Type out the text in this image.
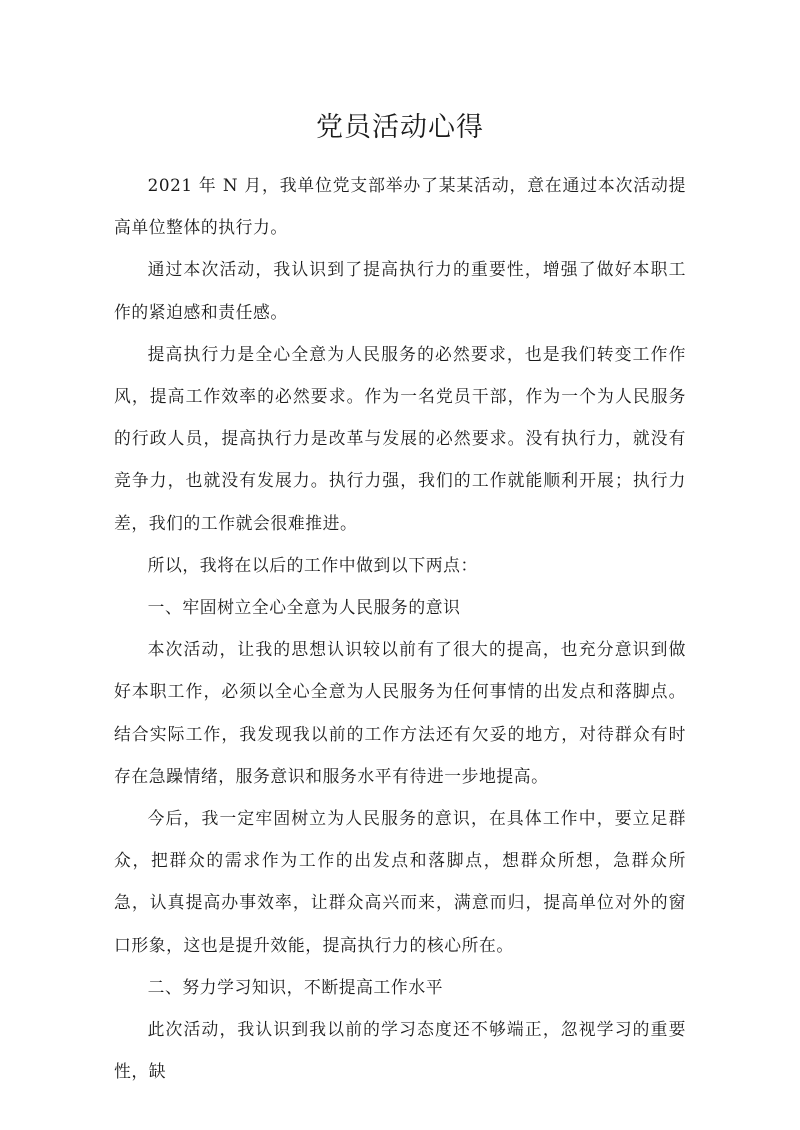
党员活动心得

2021 年 N 月，我单位党支部举办了某某活动，意在通过本次活动提高单位整体的执行力。

通过本次活动，我认识到了提高执行力的重要性，增强了做好本职工作的紧迫感和责任感。

提高执行力是全心全意为人民服务的必然要求，也是我们转变工作作风，提高工作效率的必然要求。作为一名党员干部，作为一个为人民服务的行政人员，提高执行力是改革与发展的必然要求。没有执行力，就没有竞争力，也就没有发展力。执行力强，我们的工作就能顺利开展；执行力差，我们的工作就会很难推进。

所以，我将在以后的工作中做到以下两点：

一、牢固树立全心全意为人民服务的意识

本次活动，让我的思想认识较以前有了很大的提高，也充分意识到做好本职工作，必须以全心全意为人民服务为任何事情的出发点和落脚点。结合实际工作，我发现我以前的工作方法还有欠妥的地方，对待群众有时存在急躁情绪，服务意识和服务水平有待进一步地提高。

今后，我一定牢固树立为人民服务的意识，在具体工作中，要立足群众，把群众的需求作为工作的出发点和落脚点，想群众所想，急群众所急，认真提高办事效率，让群众高兴而来，满意而归，提高单位对外的窗口形象，这也是提升效能，提高执行力的核心所在。

二、努力学习知识，不断提高工作水平

此次活动，我认识到我以前的学习态度还不够端正，忽视学习的重要性，缺
